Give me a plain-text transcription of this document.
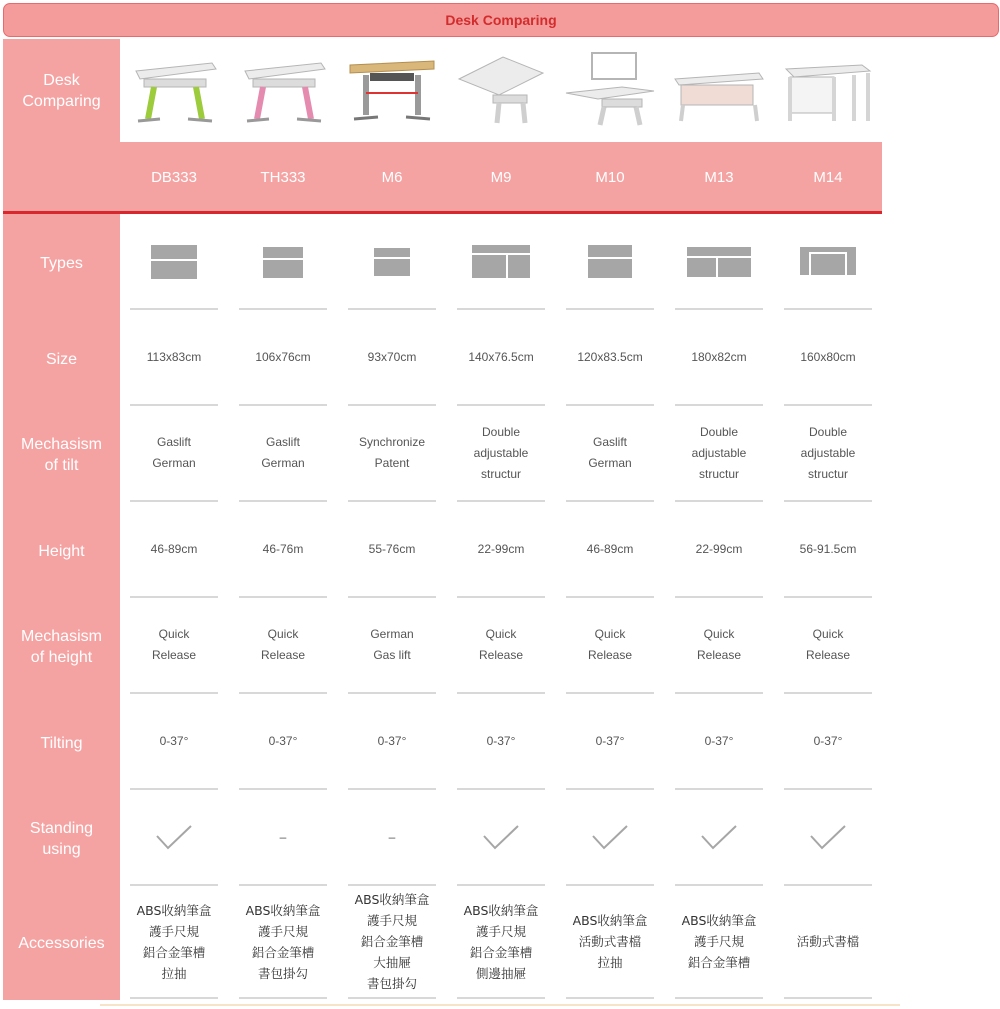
Desk Comparing
Desk Comparing
Types
Size
Mechasism
of tilt
Height
Mechasism
of height
Tilting
Standing
using
Accessories
DB333
113x83cm
Gaslift
German
46-89cm
Quick
Release
0-37°
ABS收納筆盒
護手尺規
鋁合金筆槽
拉抽
TH333
106x76cm
Gaslift
German
46-76m
Quick
Release
0-37°
–
ABS收納筆盒
護手尺規
鋁合金筆槽
書包掛勾
M6
93x70cm
Synchronize
Patent
55-76cm
German
Gas lift
0-37°
–
ABS收納筆盒
護手尺規
鋁合金筆槽
大抽屜
書包掛勾
M9
140x76.5cm
Double
adjustable
structur
22-99cm
Quick
Release
0-37°
ABS收納筆盒
護手尺規
鋁合金筆槽
側邊抽屜
M10
120x83.5cm
Gaslift
German
46-89cm
Quick
Release
0-37°
ABS收納筆盒
活動式書檔
拉抽
M13
180x82cm
Double
adjustable
structur
22-99cm
Quick
Release
0-37°
ABS收納筆盒
護手尺規
鋁合金筆槽
M14
160x80cm
Double
adjustable
structur
56-91.5cm
Quick
Release
0-37°
活動式書檔
